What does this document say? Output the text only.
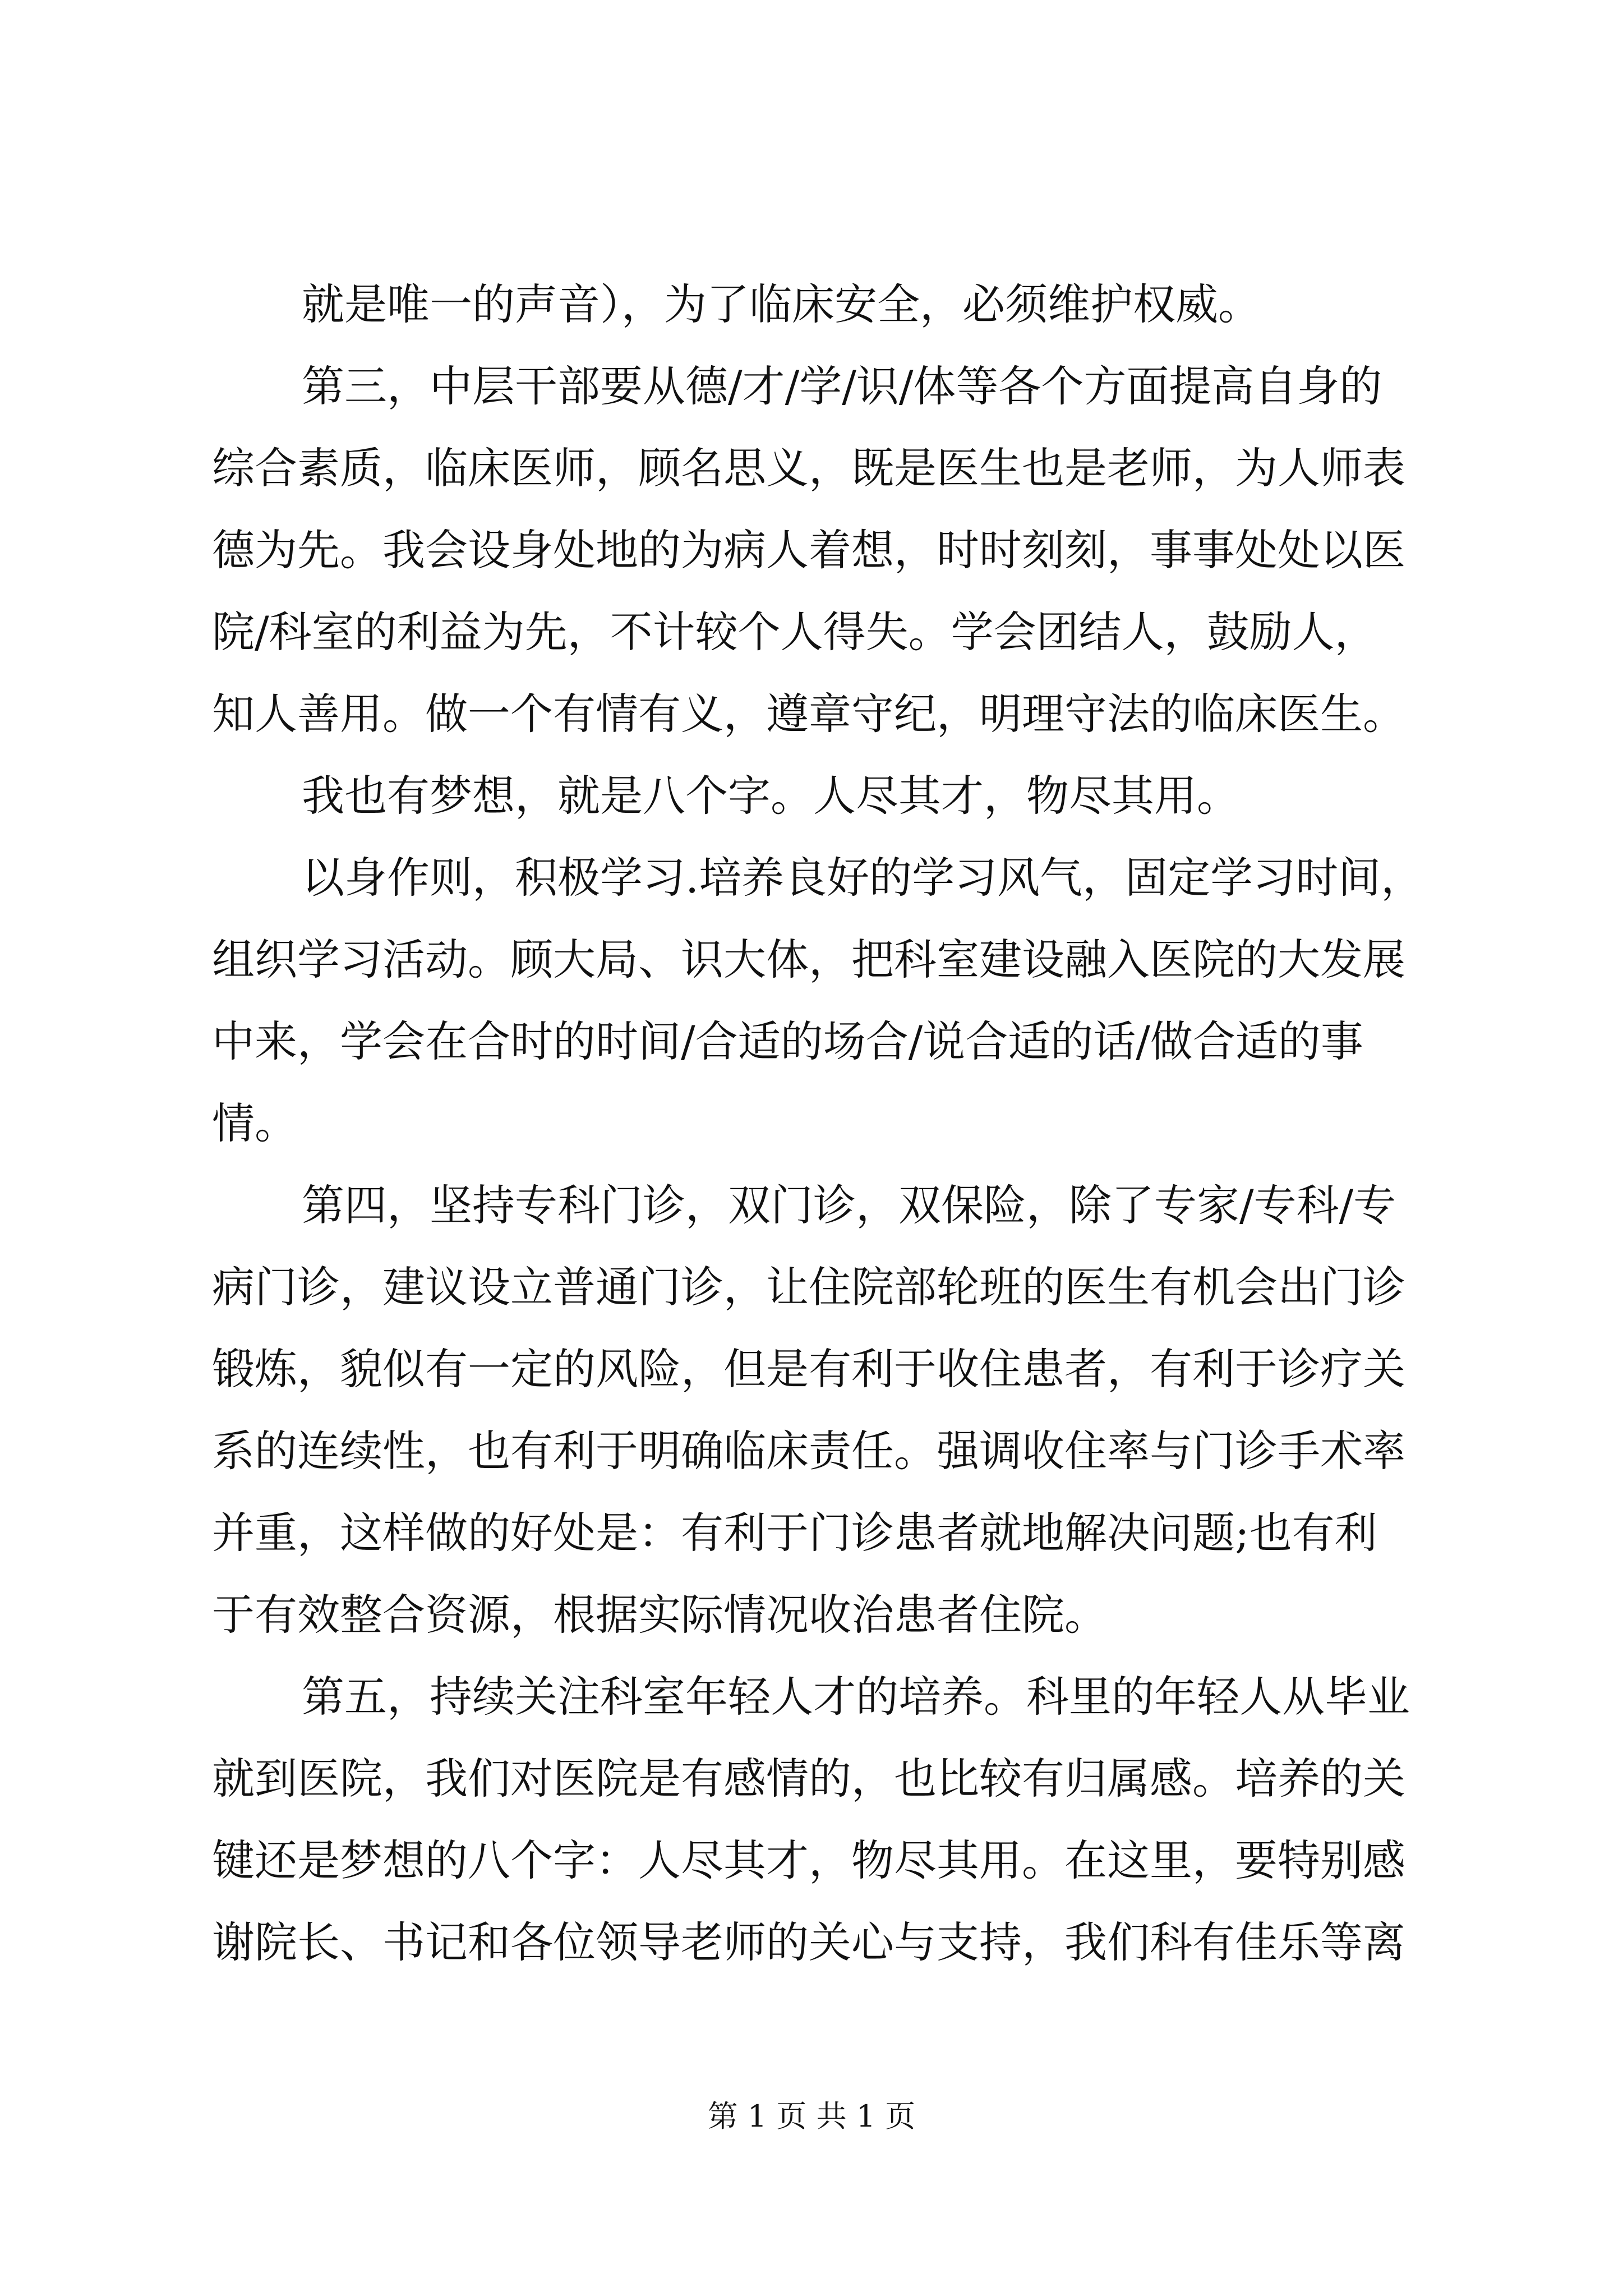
就是唯一的声音），为了临床安全，必须维护权威。
第三，中层干部要从德/才/学/识/体等各个方面提高自身的
综合素质，临床医师，顾名思义，既是医生也是老师，为人师表
德为先。我会设身处地的为病人着想，时时刻刻，事事处处以医
院/科室的利益为先，不计较个人得失。学会团结人，鼓励人，
知人善用。做一个有情有义，遵章守纪，明理守法的临床医生。
我也有梦想，就是八个字。人尽其才，物尽其用。
以身作则，积极学习.培养良好的学习风气，固定学习时间，
组织学习活动。顾大局、识大体，把科室建设融入医院的大发展
中来，学会在合时的时间/合适的场合/说合适的话/做合适的事
情。
第四，坚持专科门诊，双门诊，双保险，除了专家/专科/专
病门诊，建议设立普通门诊，让住院部轮班的医生有机会出门诊
锻炼，貌似有一定的风险，但是有利于收住患者，有利于诊疗关
系的连续性，也有利于明确临床责任。强调收住率与门诊手术率
并重，这样做的好处是：有利于门诊患者就地解决问题;也有利
于有效整合资源，根据实际情况收治患者住院。
第五，持续关注科室年轻人才的培养。科里的年轻人从毕业
就到医院，我们对医院是有感情的，也比较有归属感。培养的关
键还是梦想的八个字：人尽其才，物尽其用。在这里，要特别感
谢院长、书记和各位领导老师的关心与支持，我们科有佳乐等离
第 1 页 共 1 页
